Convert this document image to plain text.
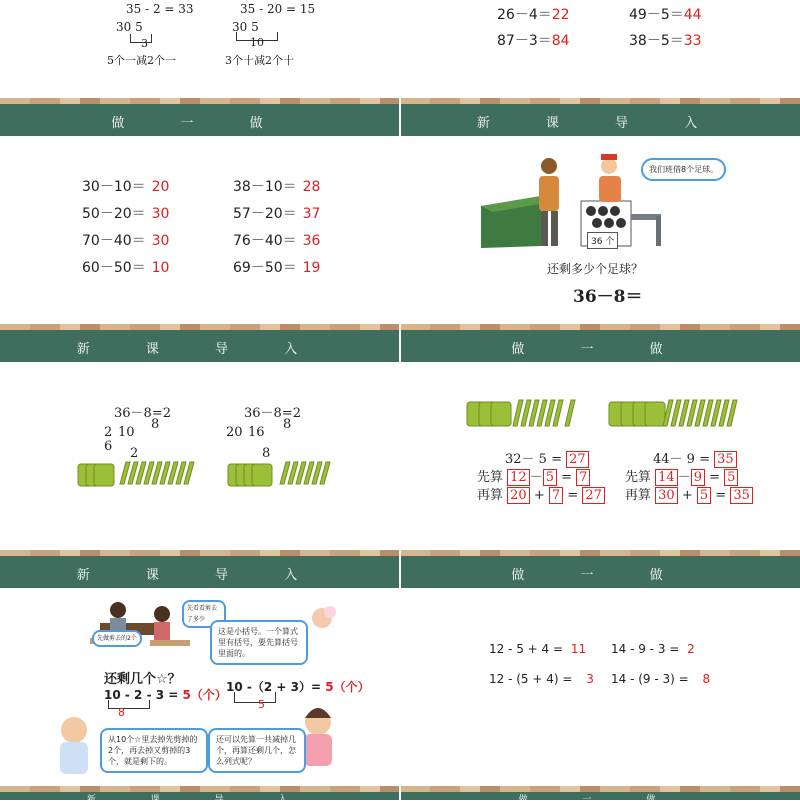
35 - 2 = 33
30 5
3
5个一减2个一
35 - 20 = 15
30 5
10
3个十减2个十
26－4＝22	49－5＝44
87－3＝84	38－5＝33
做 一 做	新 课 导 入
30－10＝ 20	38－10＝ 28
50－20＝ 30	57－20＝ 37
70－40＝ 30	76－40＝ 36
60－50＝ 10	69－50＝ 19
我们班借8个足球。
36 个
还剩多少个足球？
36－8＝
新 课 导 入	做 一 做
36－8=2
8
2 10
6 2
36－8=2
8
20 16
8	32－ 5 = 27
先算 12 － 5 = 7
再算 20 + 7 = 27
44－ 9 = 35
先算 14 － 9 = 5
再算 30 + 5 = 35
新 课 导 入	做 一 做
先做剪去的2个
先看看剪去了多少
这是小括号。一个算式里有括号，要先算括号里面的。
还剩几个☆？
10 - 2 - 3 = 5（个）
8
10 -（2 + 3）= 5（个）
5
从10个☆里去掉先剪掉的2个，再去掉又剪掉的3个，就是剩下的。
还可以先算一共减掉几个，再算还剩几个，怎么列式呢？
12 - 5 + 4 = 11 14 - 9 - 3 = 2
12 - (5 + 4) = 3 14 - (9 - 3) = 8
新 课 导 入	做 一 做
